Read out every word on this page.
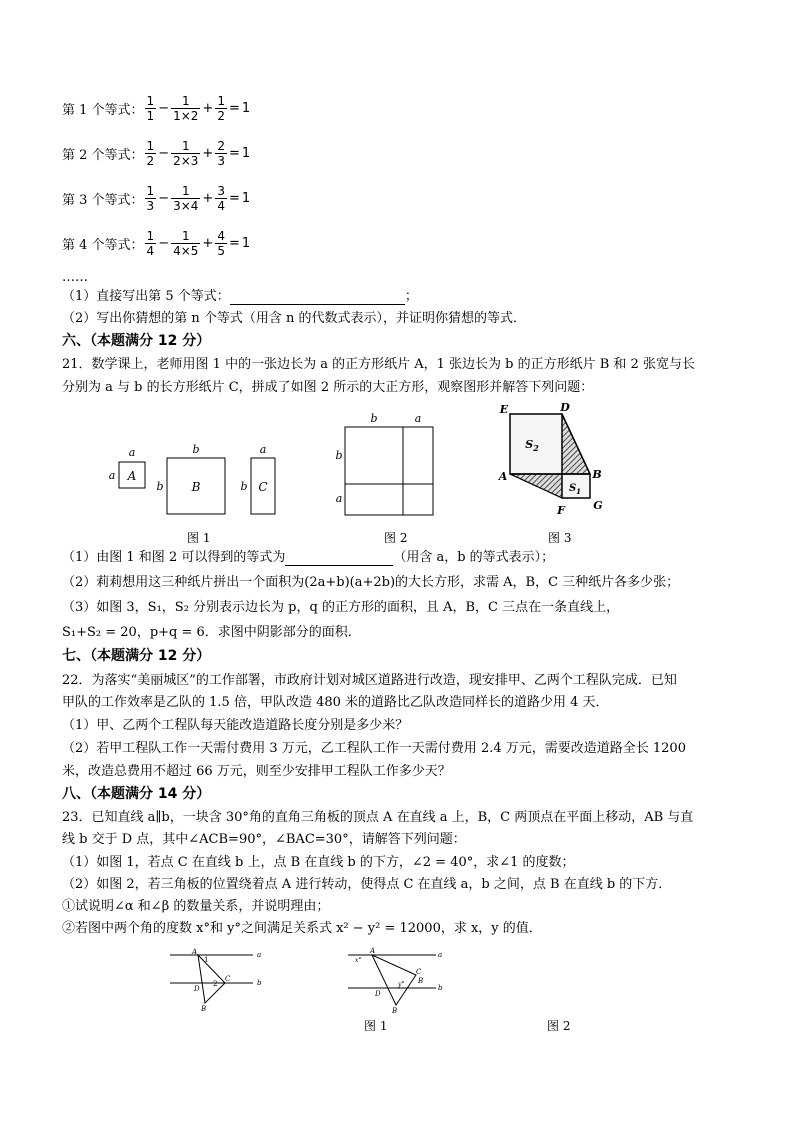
第 1 个等式： $\frac{1}{1} - \frac{1}{1\times 2} + \frac{1}{2} = 1$
第 2 个等式： $\frac{1}{2} - \frac{1}{2\times 3} + \frac{2}{3} = 1$
第 3 个等式： $\frac{1}{3} - \frac{1}{3\times 4} + \frac{3}{4} = 1$
第 4 个等式： $\frac{1}{4} - \frac{1}{4\times 5} + \frac{4}{5} = 1$
……
（1）直接写出第 5 个等式：	；
（2）写出你猜想的第 n 个等式（用含 n 的代数式表示），并证明你猜想的等式．
六、（本题满分 12 分）
21．数学课上，老师用图 1 中的一张边长为 a 的正方形纸片 A，1 张边长为 b 的正方形纸片 B 和 2 张宽与长
分别为 a 与 b 的长方形纸片 C，拼成了如图 2 所示的大正方形，观察图形并解答下列问题：
a
a A
b
b B
a
b C
图 1
b	a
b
a
图 2
E	D
A	B
F	G
$S_2$
$S_1$
图 3
（1）由图 1 和图 2 可以得到的等式为	（用含 a，b 的等式表示）；
（2）莉莉想用这三种纸片拼出一个面积为(2a+b)(a+2b)的大长方形，求需 A，B，C 三种纸片各多少张；
（3）如图 3，S₁，S₂ 分别表示边长为 p，q 的正方形的面积，且 A，B，C 三点在一条直线上，
S₁+S₂ = 20，p+q = 6．求图中阴影部分的面积．
七、（本题满分 12 分）
22．为落实“美丽城区”的工作部署，市政府计划对城区道路进行改造，现安排甲、乙两个工程队完成．已知
甲队的工作效率是乙队的 1.5 倍，甲队改造 480 米的道路比乙队改造同样长的道路少用 4 天．
（1）甲、乙两个工程队每天能改造道路长度分别是多少米？
（2）若甲工程队工作一天需付费用 3 万元，乙工程队工作一天需付费用 2.4 万元，需要改造道路全长 1200
米，改造总费用不超过 66 万元，则至少安排甲工程队工作多少天？
八、（本题满分 14 分）
23．已知直线 a∥b，一块含 30°角的直角三角板的顶点 A 在直线 a 上，B，C 两顶点在平面上移动，AB 与直
线 b 交于 D 点，其中∠ACB=90°，∠BAC=30°，请解答下列问题：
（1）如图 1，若点 C 在直线 b 上，点 B 在直线 b 的下方，∠2 = 40°，求∠1 的度数；
（2）如图 2，若三角板的位置绕着点 A 进行转动，使得点 C 在直线 a，b 之间，点 B 在直线 b 的下方．
①试说明∠α 和∠β 的数量关系，并说明理由；
②若图中两个角的度数 x°和 y°之间满足关系式 x² − y² = 12000，求 x，y 的值．
A
1
C
2
D
B
a
b
A
x°
C
B
y°
D
B
a
b
图 1	图 2
